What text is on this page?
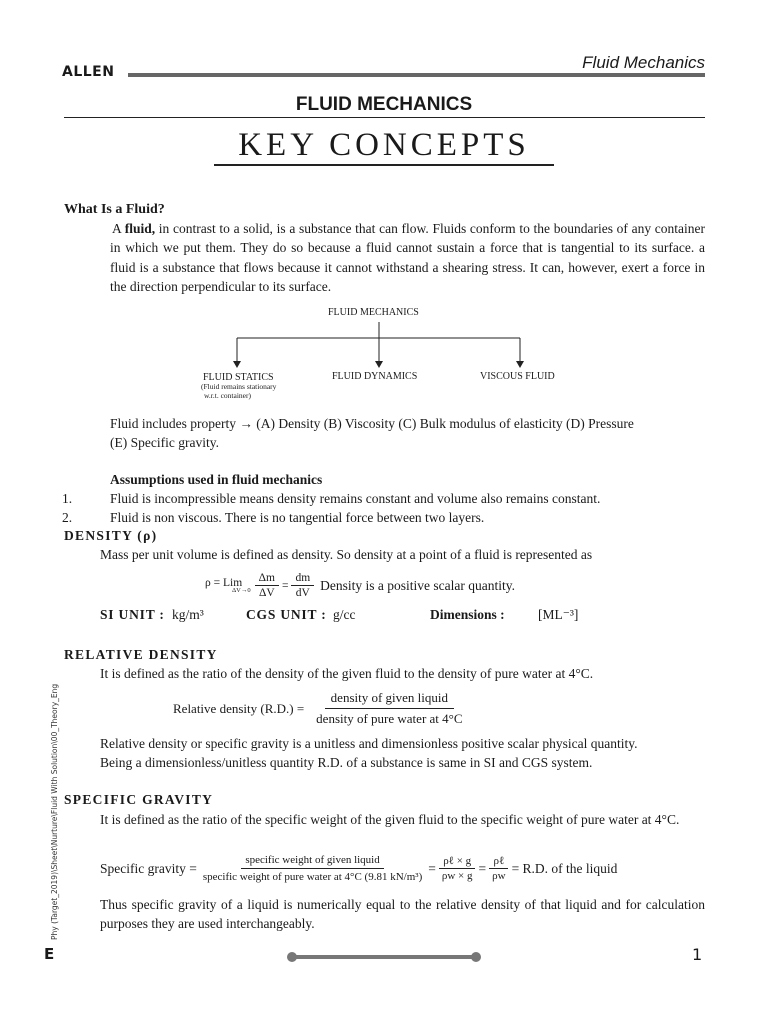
ALLEN	Fluid Mechanics
FLUID MECHANICS
KEY CONCEPTS
What Is a Fluid?
A fluid, in contrast to a solid, is a substance that can flow. Fluids conform to the boundaries of any container in which we put them. They do so because a fluid cannot sustain a force that is tangential to its surface. a fluid is a substance that flows because it cannot withstand a shearing stress. It can, however, exert a force in the direction perpendicular to its surface.
FLUID MECHANICS
FLUID STATICS	FLUID DYNAMICS	VISCOUS FLUID
(Fluid remains stationary
w.r.t. container)
Fluid includes property → (A) Density (B) Viscosity (C) Bulk modulus of elasticity (D) Pressure
(E) Specific gravity.
Assumptions used in fluid mechanics
1.	Fluid is incompressible means density remains constant and volume also remains constant.
2.	Fluid is non viscous. There is no tangential force between two layers.
DENSITY (ρ)
Mass per unit volume is defined as density. So density at a point of a fluid is represented as
ρ = Lim
$\Delta V\to 0 \frac{\Delta m}{\Delta V} = \frac{dm}{dV}$ Density is a positive scalar quantity.
SI UNIT : kg/m³	CGS UNIT : g/cc	Dimensions : [ML⁻³]
RELATIVE DENSITY
It is defined as the ratio of the density of the given fluid to the density of pure water at 4°C.
Relative density $(R.D.) = \frac{\text{density of given liquid}}{\text{density of pure water at 4°C}}$
Relative density or specific gravity is a unitless and dimensionless positive scalar physical quantity.
Being a dimensionless/unitless quantity R.D. of a substance is same in SI and CGS system.
SPECIFIC GRAVITY
It is defined as the ratio of the specific weight of the given fluid to the specific weight of pure water at 4°C.
Specific gravity = $\frac{\text{specific weight of given liquid}}{\text{specific weight of pure water at 4°C (9.81 kN/m³)}} = \frac{\text{ρℓ × g}}{\rho w \times g} = \frac{\text{ρℓ}}{\rho w} = R.D$. of the liquid
Thus specific gravity of a liquid is numerically equal to the relative density of that liquid and for calculation purposes they are used interchangeably.
Phy (Target_2019)\Sheet\Nurture\Fluid With Solution\00_Theory_Eng
E	1
